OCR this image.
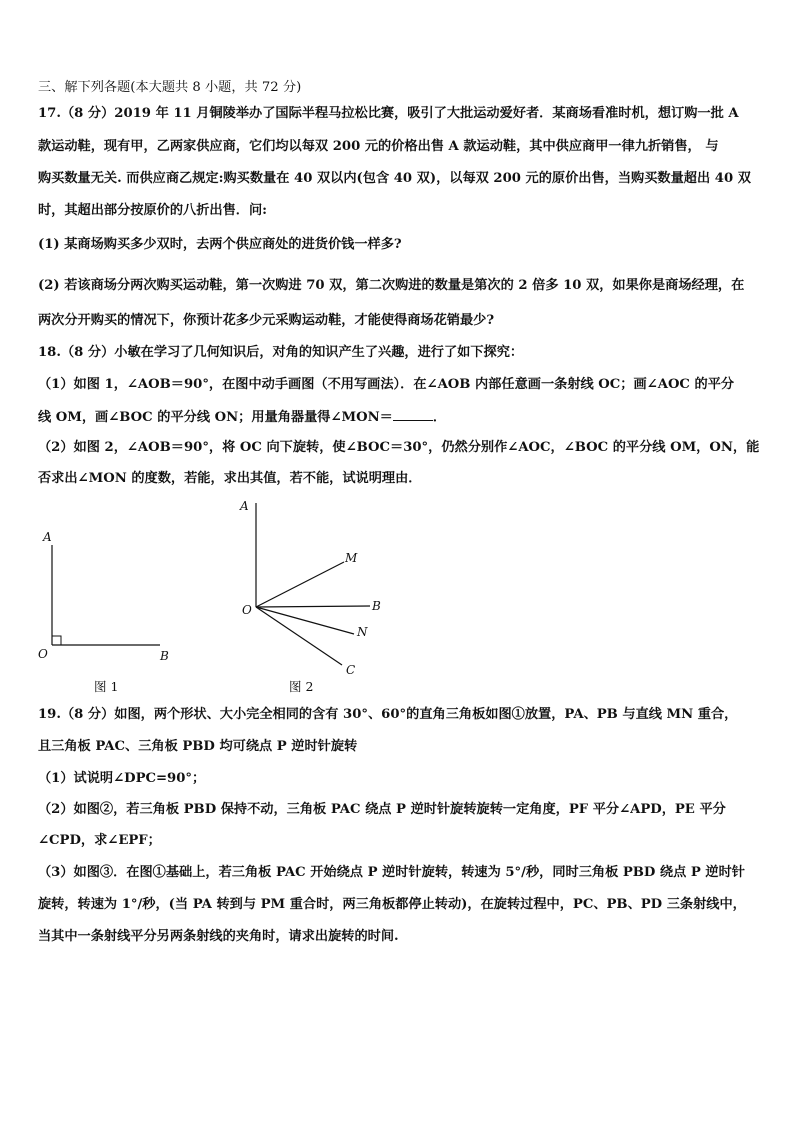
三、解下列各题(本大题共 8 小题，共 72 分)
17.（8 分）2019 年 11 月铜陵举办了国际半程马拉松比赛，吸引了大批运动爱好者．某商场看准时机，想订购一批 A
款运动鞋，现有甲，乙两家供应商，它们均以每双 200 元的价格出售 A 款运动鞋，其中供应商甲一律九折销售， 与
购买数量无关. 而供应商乙规定:购买数量在 40 双以内(包含 40 双)，以每双 200 元的原价出售，当购买数量超出 40 双
时，其超出部分按原价的八折出售．问:
(1) 某商场购买多少双时，去两个供应商处的进货价钱一样多?
(2) 若该商场分两次购买运动鞋，第一次购进 70 双，第二次购进的数量是第次的 2 倍多 10 双，如果你是商场经理，在
两次分开购买的情况下，你预计花多少元采购运动鞋，才能使得商场花销最少?
18.（8 分）小敏在学习了几何知识后，对角的知识产生了兴趣，进行了如下探究：
（1）如图 1，∠AOB＝90°，在图中动手画图（不用写画法）．在∠AOB 内部任意画一条射线 OC；画∠AOC 的平分
线 OM，画∠BOC 的平分线 ON；用量角器量得∠MON＝	．
（2）如图 2，∠AOB＝90°，将 OC 向下旋转，使∠BOC＝30°，仍然分别作∠AOC，∠BOC 的平分线 OM，ON，能
否求出∠MON 的度数，若能，求出其值，若不能，试说明理由．
A
O	B
图 1
A
M
O	B
N
C
图 2
19.（8 分）如图，两个形状、大小完全相同的含有 30°、60°的直角三角板如图①放置，PA、PB 与直线 MN 重合，
且三角板 PAC、三角板 PBD 均可绕点 P 逆时针旋转
（1）试说明∠DPC=90°；
（2）如图②，若三角板 PBD 保持不动，三角板 PAC 绕点 P 逆时针旋转旋转一定角度，PF 平分∠APD，PE 平分
∠CPD，求∠EPF；
（3）如图③．在图①基础上，若三角板 PAC 开始绕点 P 逆时针旋转，转速为 5°/秒，同时三角板 PBD 绕点 P 逆时针
旋转，转速为 1°/秒，(当 PA 转到与 PM 重合时，两三角板都停止转动)，在旋转过程中，PC、PB、PD 三条射线中，
当其中一条射线平分另两条射线的夹角时，请求出旋转的时间.
